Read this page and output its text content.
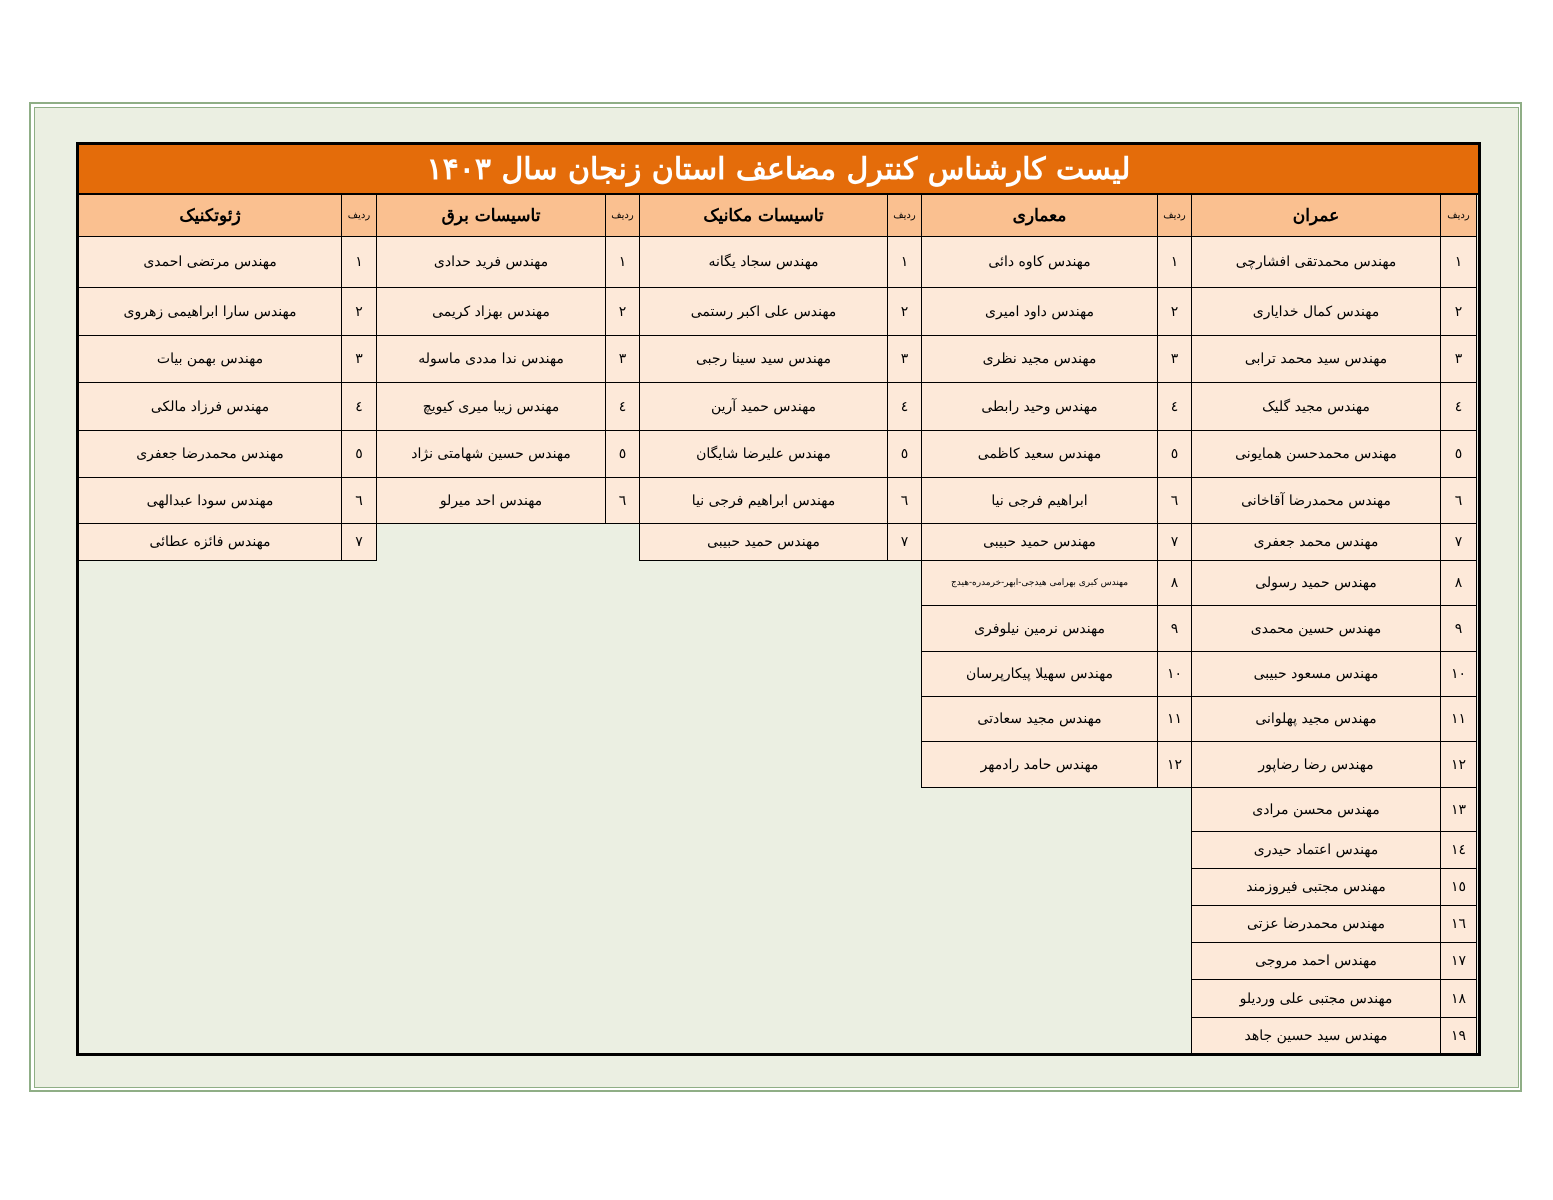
لیست کارشناس کنترل مضاعف استان زنجان سال ۱۴۰۳
عمران	ردیف
مهندس محمدتقی افشارچی	۱
مهندس کمال خدایاری	۲
مهندس سید محمد ترابی	۳
مهندس مجید گلیک	٤
مهندس محمدحسن همایونی	٥
مهندس محمدرضا آقاخانی	٦
مهندس محمد جعفری	۷
مهندس حمید رسولی	۸
مهندس حسین محمدی	۹
مهندس مسعود حبیبی	۱۰
مهندس مجید پهلوانی	۱۱
مهندس رضا رضاپور	۱۲
مهندس محسن مرادی	۱۳
مهندس اعتماد حیدری	۱٤
مهندس مجتبی فیروزمند	۱٥
مهندس محمدرضا عزتی	۱٦
مهندس احمد مروجی	۱۷
مهندس مجتبی علی وردیلو	۱۸
مهندس سید حسین جاهد	۱۹
معماری	ردیف
مهندس کاوه دائی	۱
مهندس داود امیری	۲
مهندس مجید نظری	۳
مهندس وحید رابطی	٤
مهندس سعید کاظمی	٥
ابراهیم فرجی نیا	٦
مهندس حمید حبیبی	۷
مهندس کبری بهرامی هیدجی-ابهر-خرمدره-هیدج	۸
مهندس نرمین نیلوفری	۹
مهندس سهیلا پیکارپرسان	۱۰
مهندس مجید سعادتی	۱۱
مهندس حامد رادمهر	۱۲
تاسیسات مکانیک	ردیف
مهندس سجاد یگانه	۱
مهندس علی اکبر رستمی	۲
مهندس سید سینا رجبی	۳
مهندس حمید آرین	٤
مهندس علیرضا شایگان	٥
مهندس ابراهیم فرجی نیا	٦
مهندس حمید حبیبی	۷
تاسیسات برق	ردیف
مهندس فرید حدادی	۱
مهندس بهزاد کریمی	۲
مهندس ندا مددی ماسوله	۳
مهندس زیبا میری کیویچ	٤
مهندس حسین شهامتی نژاد	٥
مهندس احد میرلو	٦
ژئوتکنیک	ردیف
مهندس مرتضی احمدی	۱
مهندس سارا ابراهیمی زهروی	۲
مهندس بهمن بیات	۳
مهندس فرزاد مالکی	٤
مهندس محمدرضا جعفری	٥
مهندس سودا عبدالهی	٦
مهندس فائزه عطائی	۷
